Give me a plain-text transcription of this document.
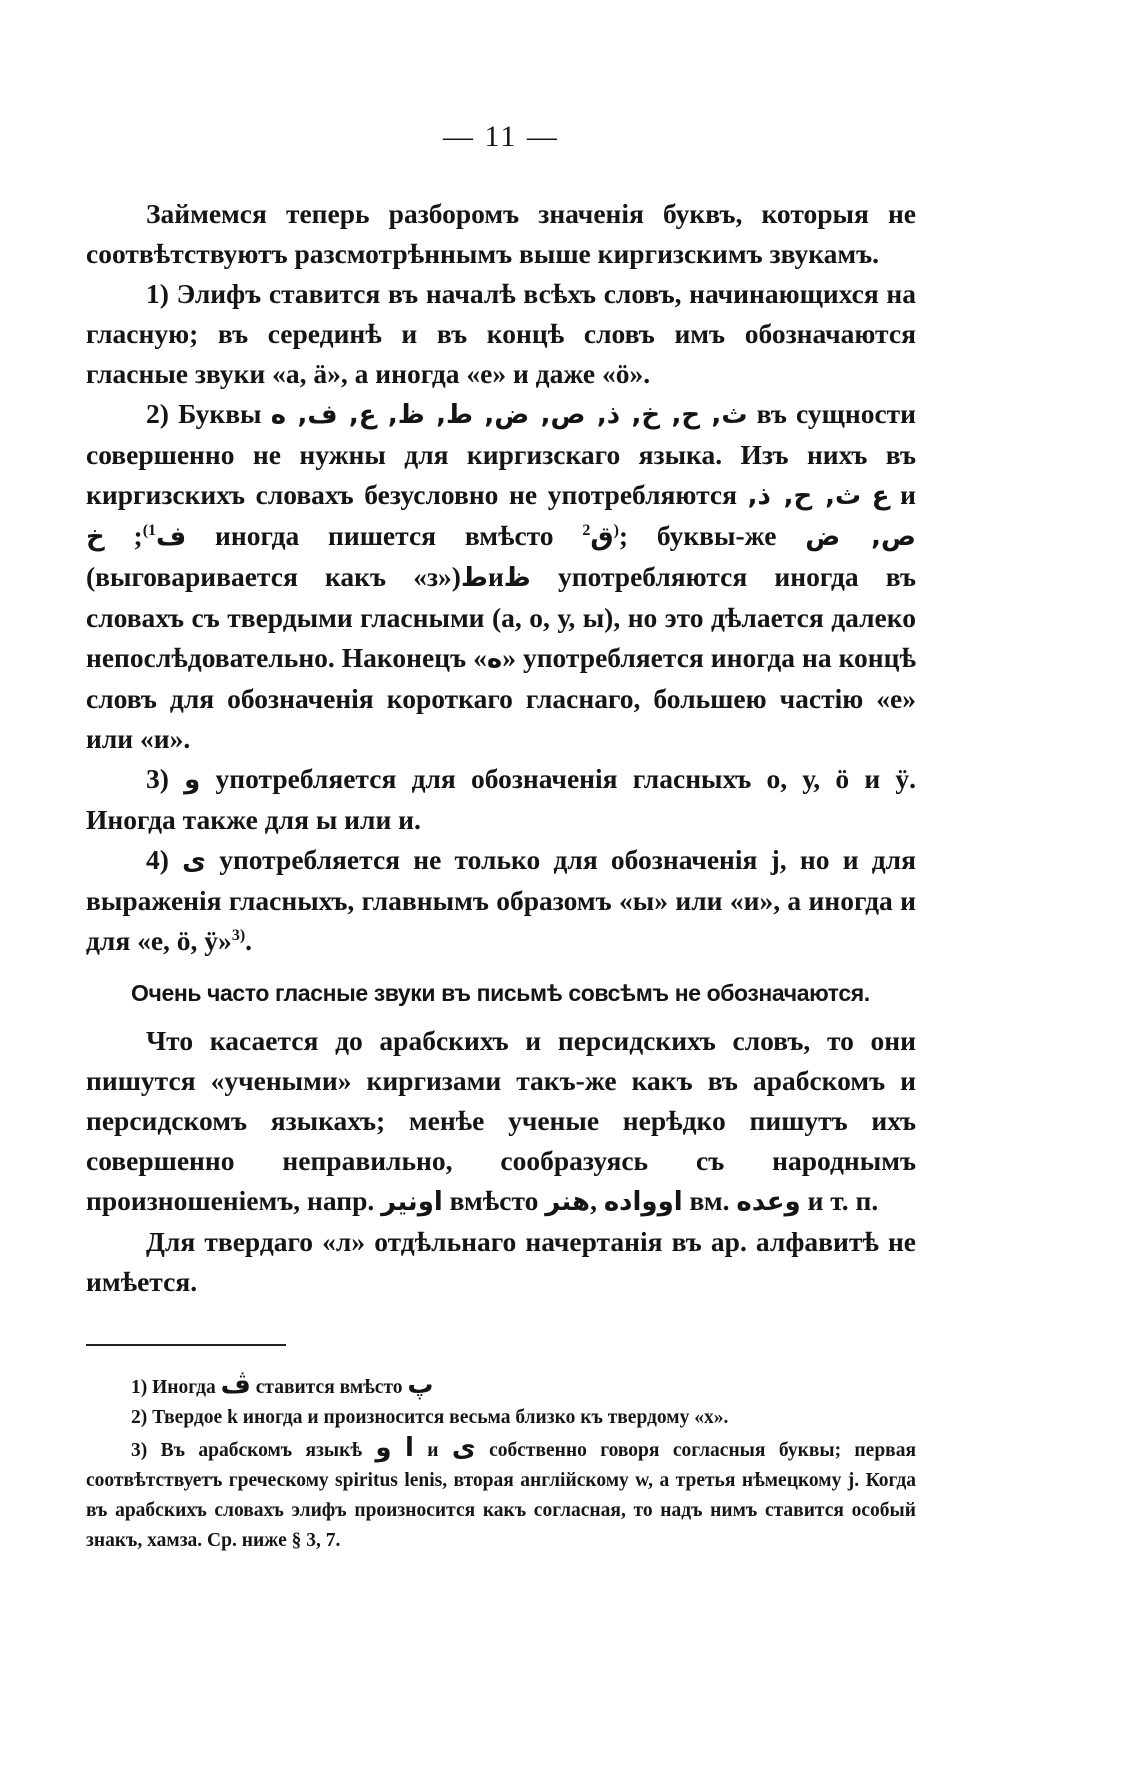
— 11 —

Займемся теперь разборомъ значенія буквъ, которыя не соотвѣтствуютъ разсмотрѣннымъ выше киргизскимъ звукамъ.

1) Элифъ ставится въ началѣ всѣхъ словъ, начинающихся на гласную; въ серединѣ и въ концѣ словъ имъ обозначаются гласные звуки «а, ä», а иногда «е» и даже «ö».

2) Буквы ث, ح, خ, ذ, ص, ض, ط, ظ, ع, ف, ه въ сущности совершенно не нужны для киргизскаго языка. Изъ нихъ въ киргизскихъ словахъ безусловно не употребляются ث, ح, ذ, ع и ف$^{1)}$; خ	иногда пишется вмѣсто ق$^{2)}$; буквы-же ص, ض (выговаривается какъ «з»)طиظ употребляются иногда въ словахъ съ твердыми гласными (а, о, у, ы), но это дѣлается далеко непослѣдовательно. Наконецъ «ه» употребляется иногда на концѣ словъ для обозначенія короткаго гласнаго, большею частію «е» или «и».

3) و употребляется для обозначенія гласныхъ о, у, ö и ӱ. Иногда также для ы или и.

4) ى употребляется не только для обозначенія j, но и для выраженія гласныхъ, главнымъ образомъ «ы» или «и», а иногда и для «е, ö, ӱ»$^{3)}$.

Очень часто гласные звуки въ письмѣ совсѣмъ не обозначаются.

Что касается до арабскихъ и персидскихъ словъ, то они пишутся «учеными» киргизами такъ-же какъ въ арабскомъ и персидскомъ языкахъ; менѣе ученые нерѣдко пишутъ ихъ совершенно неправильно, сообразуясь съ народнымъ произношеніемъ, напр. اونير вмѣсто هنر, اوواده вм. وعده и т. п.

Для твердаго «л» отдѣльнаго начертанія въ ар. алфавитѣ не имѣется.

1) Иногда ڤ ставится вмѣсто پ

2) Твердое k иногда и произносится весьма близко къ твердому «х».

3) Въ арабскомъ языкѣ ا و и ى собственно говоря согласныя буквы; первая соотвѣтствуетъ греческому spiritus lenis, вторая англійскому w, а третья нѣмецкому j. Когда въ арабскихъ словахъ элифъ произносится какъ согласная, то надъ нимъ ставится особый знакъ, хамза. Ср. ниже § 3, 7.
